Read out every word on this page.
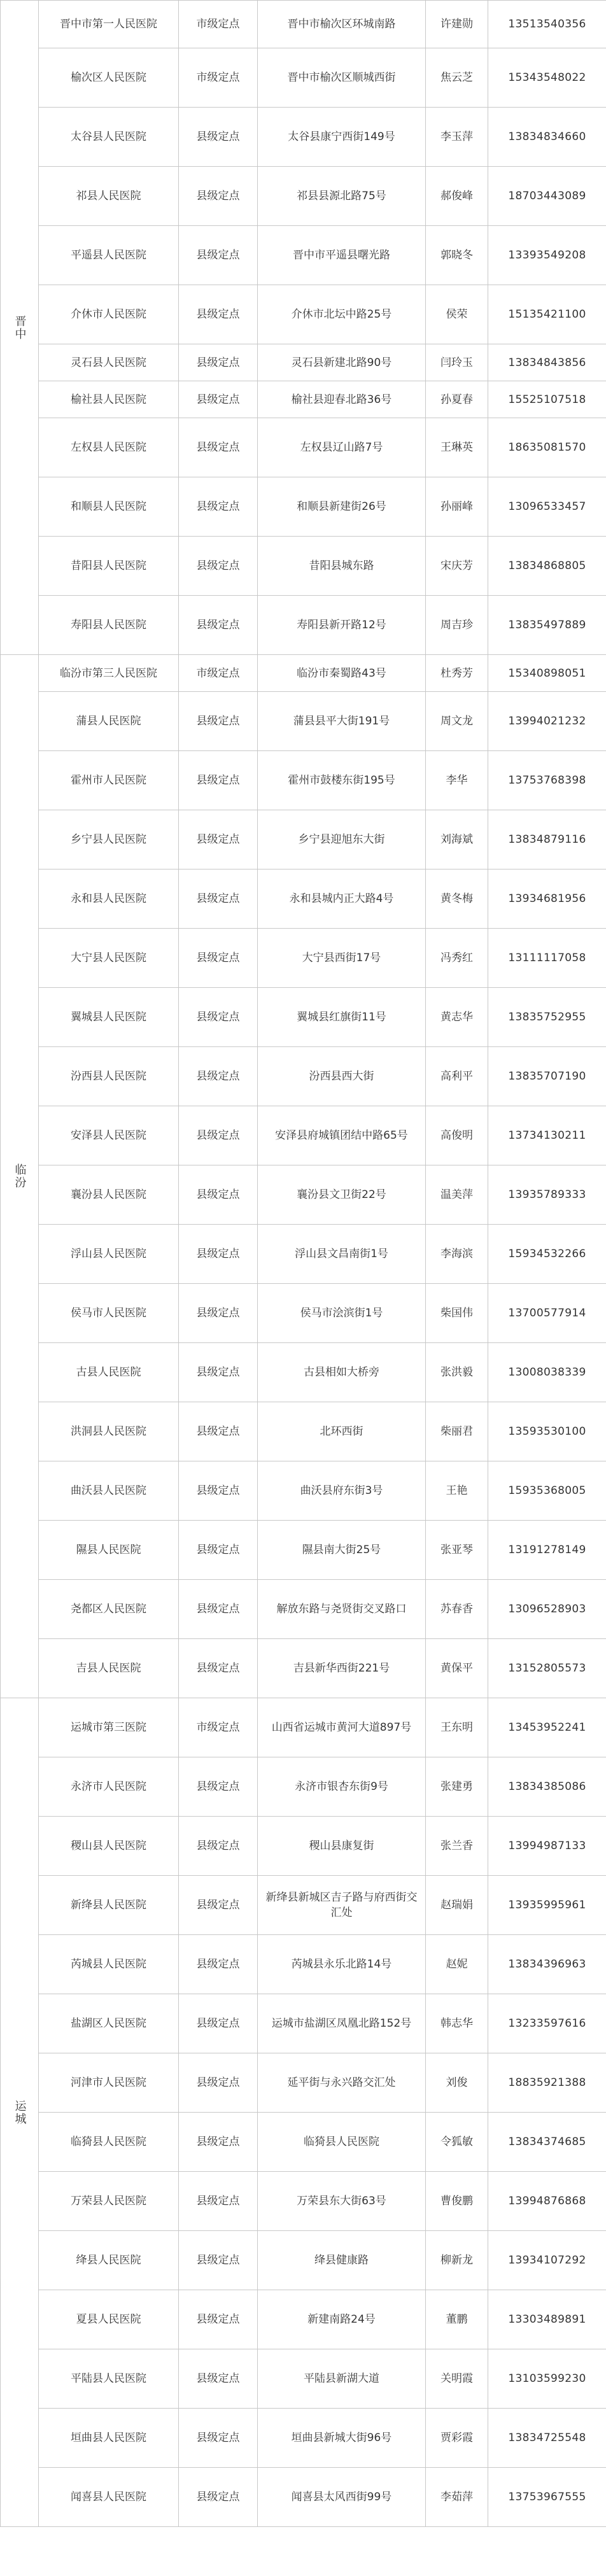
晋中	晋中市第一人民医院	市级定点	晋中市榆次区环城南路	许建勋	13513540356
	榆次区人民医院	市级定点	晋中市榆次区顺城西街	焦云芝	15343548022
	太谷县人民医院	县级定点	太谷县康宁西街149号	李玉萍	13834834660
	祁县人民医院	县级定点	祁县县源北路75号	郝俊峰	18703443089
	平遥县人民医院	县级定点	晋中市平遥县曙光路	郭晓冬	13393549208
	介休市人民医院	县级定点	介休市北坛中路25号	侯荣	15135421100
	灵石县人民医院	县级定点	灵石县新建北路90号	闫玲玉	13834843856
	榆社县人民医院	县级定点	榆社县迎春北路36号	孙夏春	15525107518
	左权县人民医院	县级定点	左权县辽山路7号	王琳英	18635081570
	和顺县人民医院	县级定点	和顺县新建街26号	孙丽峰	13096533457
	昔阳县人民医院	县级定点	昔阳县城东路	宋庆芳	13834868805
	寿阳县人民医院	县级定点	寿阳县新开路12号	周吉珍	13835497889
临汾	临汾市第三人民医院	市级定点	临汾市秦蜀路43号	杜秀芳	15340898051
	蒲县人民医院	县级定点	蒲县县平大街191号	周文龙	13994021232
	霍州市人民医院	县级定点	霍州市鼓楼东街195号	李华	13753768398
	乡宁县人民医院	县级定点	乡宁县迎旭东大街	刘海斌	13834879116
	永和县人民医院	县级定点	永和县城内正大路4号	黄冬梅	13934681956
	大宁县人民医院	县级定点	大宁县西街17号	冯秀红	13111117058
	翼城县人民医院	县级定点	翼城县红旗街11号	黄志华	13835752955
	汾西县人民医院	县级定点	汾西县西大街	高利平	13835707190
	安泽县人民医院	县级定点	安泽县府城镇团结中路65号	高俊明	13734130211
	襄汾县人民医院	县级定点	襄汾县文卫街22号	温美萍	13935789333
	浮山县人民医院	县级定点	浮山县文昌南街1号	李海滨	15934532266
	侯马市人民医院	县级定点	侯马市浍滨街1号	柴国伟	13700577914
	古县人民医院	县级定点	古县相如大桥旁	张洪毅	13008038339
	洪洞县人民医院	县级定点	北环西街	柴丽君	13593530100
	曲沃县人民医院	县级定点	曲沃县府东街3号	王艳	15935368005
	隰县人民医院	县级定点	隰县南大街25号	张亚琴	13191278149
	尧都区人民医院	县级定点	解放东路与尧贤街交叉路口	苏春香	13096528903
	吉县人民医院	县级定点	吉县新华西街221号	黄保平	13152805573
运城	运城市第三医院	市级定点	山西省运城市黄河大道897号	王东明	13453952241
	永济市人民医院	县级定点	永济市银杏东街9号	张建勇	13834385086
	稷山县人民医院	县级定点	稷山县康复街	张兰香	13994987133
	新绛县人民医院	县级定点	新绛县新城区吉子路与府西街交汇处	赵瑞娟	13935995961
	芮城县人民医院	县级定点	芮城县永乐北路14号	赵妮	13834396963
	盐湖区人民医院	县级定点	运城市盐湖区凤凰北路152号	韩志华	13233597616
	河津市人民医院	县级定点	延平街与永兴路交汇处	刘俊	18835921388
	临猗县人民医院	县级定点	临猗县人民医院	令狐敏	13834374685
	万荣县人民医院	县级定点	万荣县东大街63号	曹俊鹏	13994876868
	绛县人民医院	县级定点	绛县健康路	柳新龙	13934107292
	夏县人民医院	县级定点	新建南路24号	董鹏	13303489891
	平陆县人民医院	县级定点	平陆县新湖大道	关明霞	13103599230
	垣曲县人民医院	县级定点	垣曲县新城大街96号	贾彩霞	13834725548
	闻喜县人民医院	县级定点	闻喜县太风西街99号	李茹萍	13753967555
